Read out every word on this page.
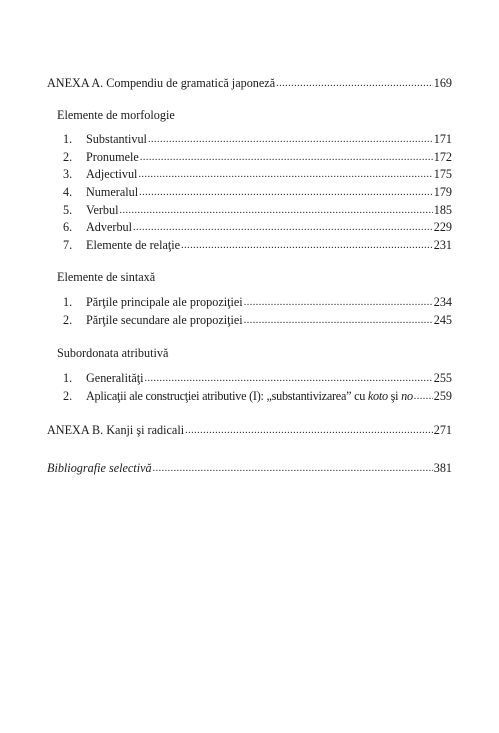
ANEXA A. Compendiu de gramatică japoneză .....	169
Elemente de morfologie
1.	Substantivul .....	171
2.	Pronumele .....	172
3.	Adjectivul .....	175
4.	Numeralul .....	179
5.	Verbul .....	185
6.	Adverbul .....	229
7.	Elemente de relaţie .....	231
Elemente de sintaxă
1.	Părţile principale ale propoziţiei .....	234
2.	Părţile secundare ale propoziţiei .....	245
Subordonata atributivă
1.	Generalităţi .....	255
2.	Aplicaţii ale construcţiei atributive (I): „substantivizarea” cu koto şi no ..... 259
ANEXA B. Kanji şi radicali .....	271
Bibliografie selectivă .....	381
